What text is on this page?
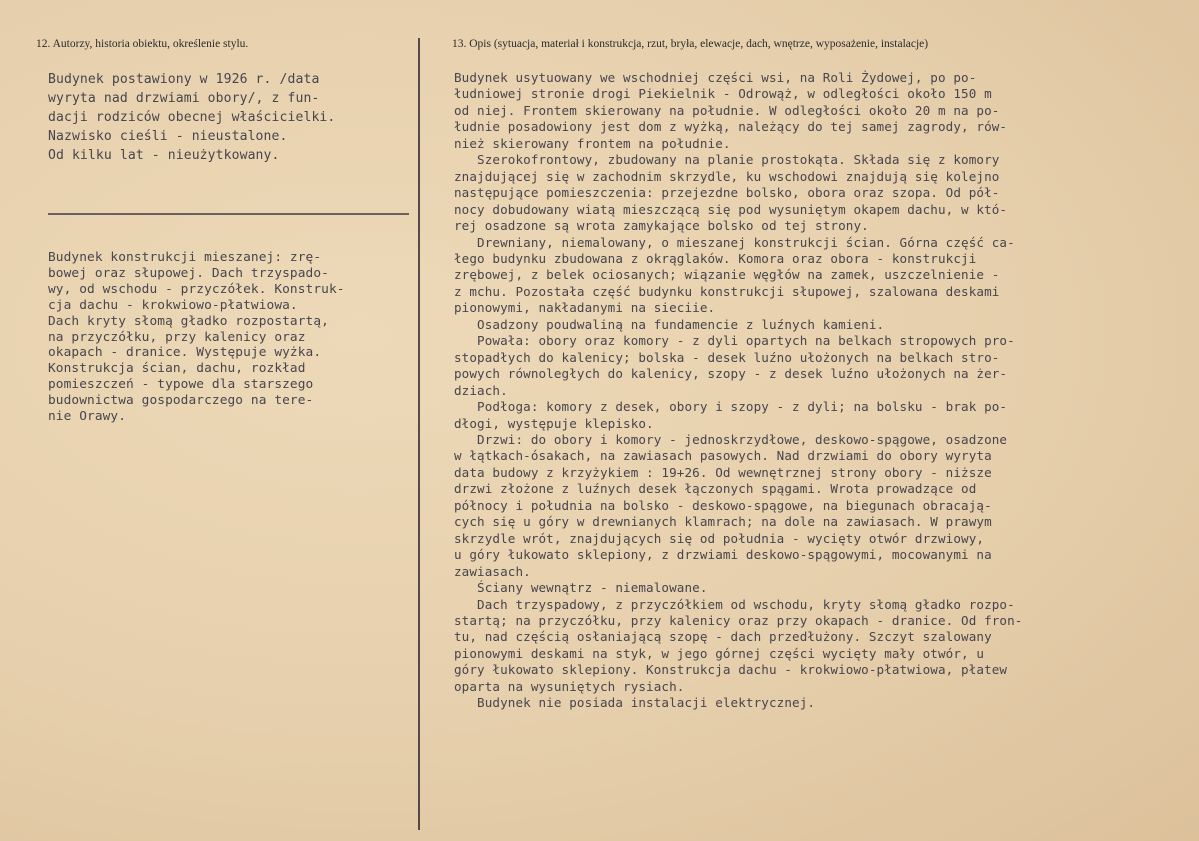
12. Autorzy, historia obiektu, określenie stylu.	13. Opis (sytuacja, materiał i konstrukcja, rzut, bryła, elewacje, dach, wnętrze, wyposażenie, instalacje)
Budynek postawiony w 1926 r. /data
wyryta nad drzwiami obory/, z fun-
dacji rodziców obecnej właścicielki.
Nazwisko cieśli - nieustalone.
Od kilku lat - nieużytkowany.
Budynek konstrukcji mieszanej: zrę-
bowej oraz słupowej. Dach trzyspado-
wy, od wschodu - przyczółek. Konstruk-
cja dachu - krokwiowo-płatwiowa.
Dach kryty słomą gładko rozpostartą,
na przyczółku, przy kalenicy oraz
okapach - dranice. Występuje wyżka.
Konstrukcja ścian, dachu, rozkład
pomieszczeń - typowe dla starszego
budownictwa gospodarczego na tere-
nie Orawy.
Budynek usytuowany we wschodniej części wsi, na Roli Żydowej, po po-
łudniowej stronie drogi Piekielnik - Odrowąż, w odległości około 150 m
od niej. Frontem skierowany na południe. W odległości około 20 m na po-
łudnie posadowiony jest dom z wyżką, należący do tej samej zagrody, rów-
nież skierowany frontem na południe.
Szerokofrontowy, zbudowany na planie prostokąta. Składa się z komory
znajdującej się w zachodnim skrzydle, ku wschodowi znajdują się kolejno
następujące pomieszczenia: przejezdne bolsko, obora oraz szopa. Od pół-
nocy dobudowany wiatą mieszczącą się pod wysuniętym okapem dachu, w któ-
rej osadzone są wrota zamykające bolsko od tej strony.
Drewniany, niemalowany, o mieszanej konstrukcji ścian. Górna część ca-
łego budynku zbudowana z okrąglaków. Komora oraz obora - konstrukcji
zrębowej, z belek ociosanych; wiązanie węgłów na zamek, uszczelnienie -
z mchu. Pozostała część budynku konstrukcji słupowej, szalowana deskami
pionowymi, nakładanymi na sieciie.
Osadzony poudwaliną na fundamencie z luźnych kamieni.
Powała: obory oraz komory - z dyli opartych na belkach stropowych pro-
stopadłych do kalenicy; bolska - desek luźno ułożonych na belkach stro-
powych równoległych do kalenicy, szopy - z desek luźno ułożonych na żer-
dziach.
Podłoga: komory z desek, obory i szopy - z dyli; na bolsku - brak po-
dłogi, występuje klepisko.
Drzwi: do obory i komory - jednoskrzydłowe, deskowo-spągowe, osadzone
w łątkach-ósakach, na zawiasach pasowych. Nad drzwiami do obory wyryta
data budowy z krzyżykiem : 19+26. Od wewnętrznej strony obory - niższe
drzwi złożone z luźnych desek łączonych spągami. Wrota prowadzące od
północy i południa na bolsko - deskowo-spągowe, na biegunach obracają-
cych się u góry w drewnianych klamrach; na dole na zawiasach. W prawym
skrzydle wrót, znajdujących się od południa - wycięty otwór drzwiowy,
u góry łukowato sklepiony, z drzwiami deskowo-spągowymi, mocowanymi na
zawiasach.
Ściany wewnątrz - niemalowane.
Dach trzyspadowy, z przyczółkiem od wschodu, kryty słomą gładko rozpo-
startą; na przyczółku, przy kalenicy oraz przy okapach - dranice. Od fron-
tu, nad częścią osłaniającą szopę - dach przedłużony. Szczyt szalowany
pionowymi deskami na styk, w jego górnej części wycięty mały otwór, u
góry łukowato sklepiony. Konstrukcja dachu - krokwiowo-płatwiowa, płatew
oparta na wysuniętych rysiach.
Budynek nie posiada instalacji elektrycznej.
